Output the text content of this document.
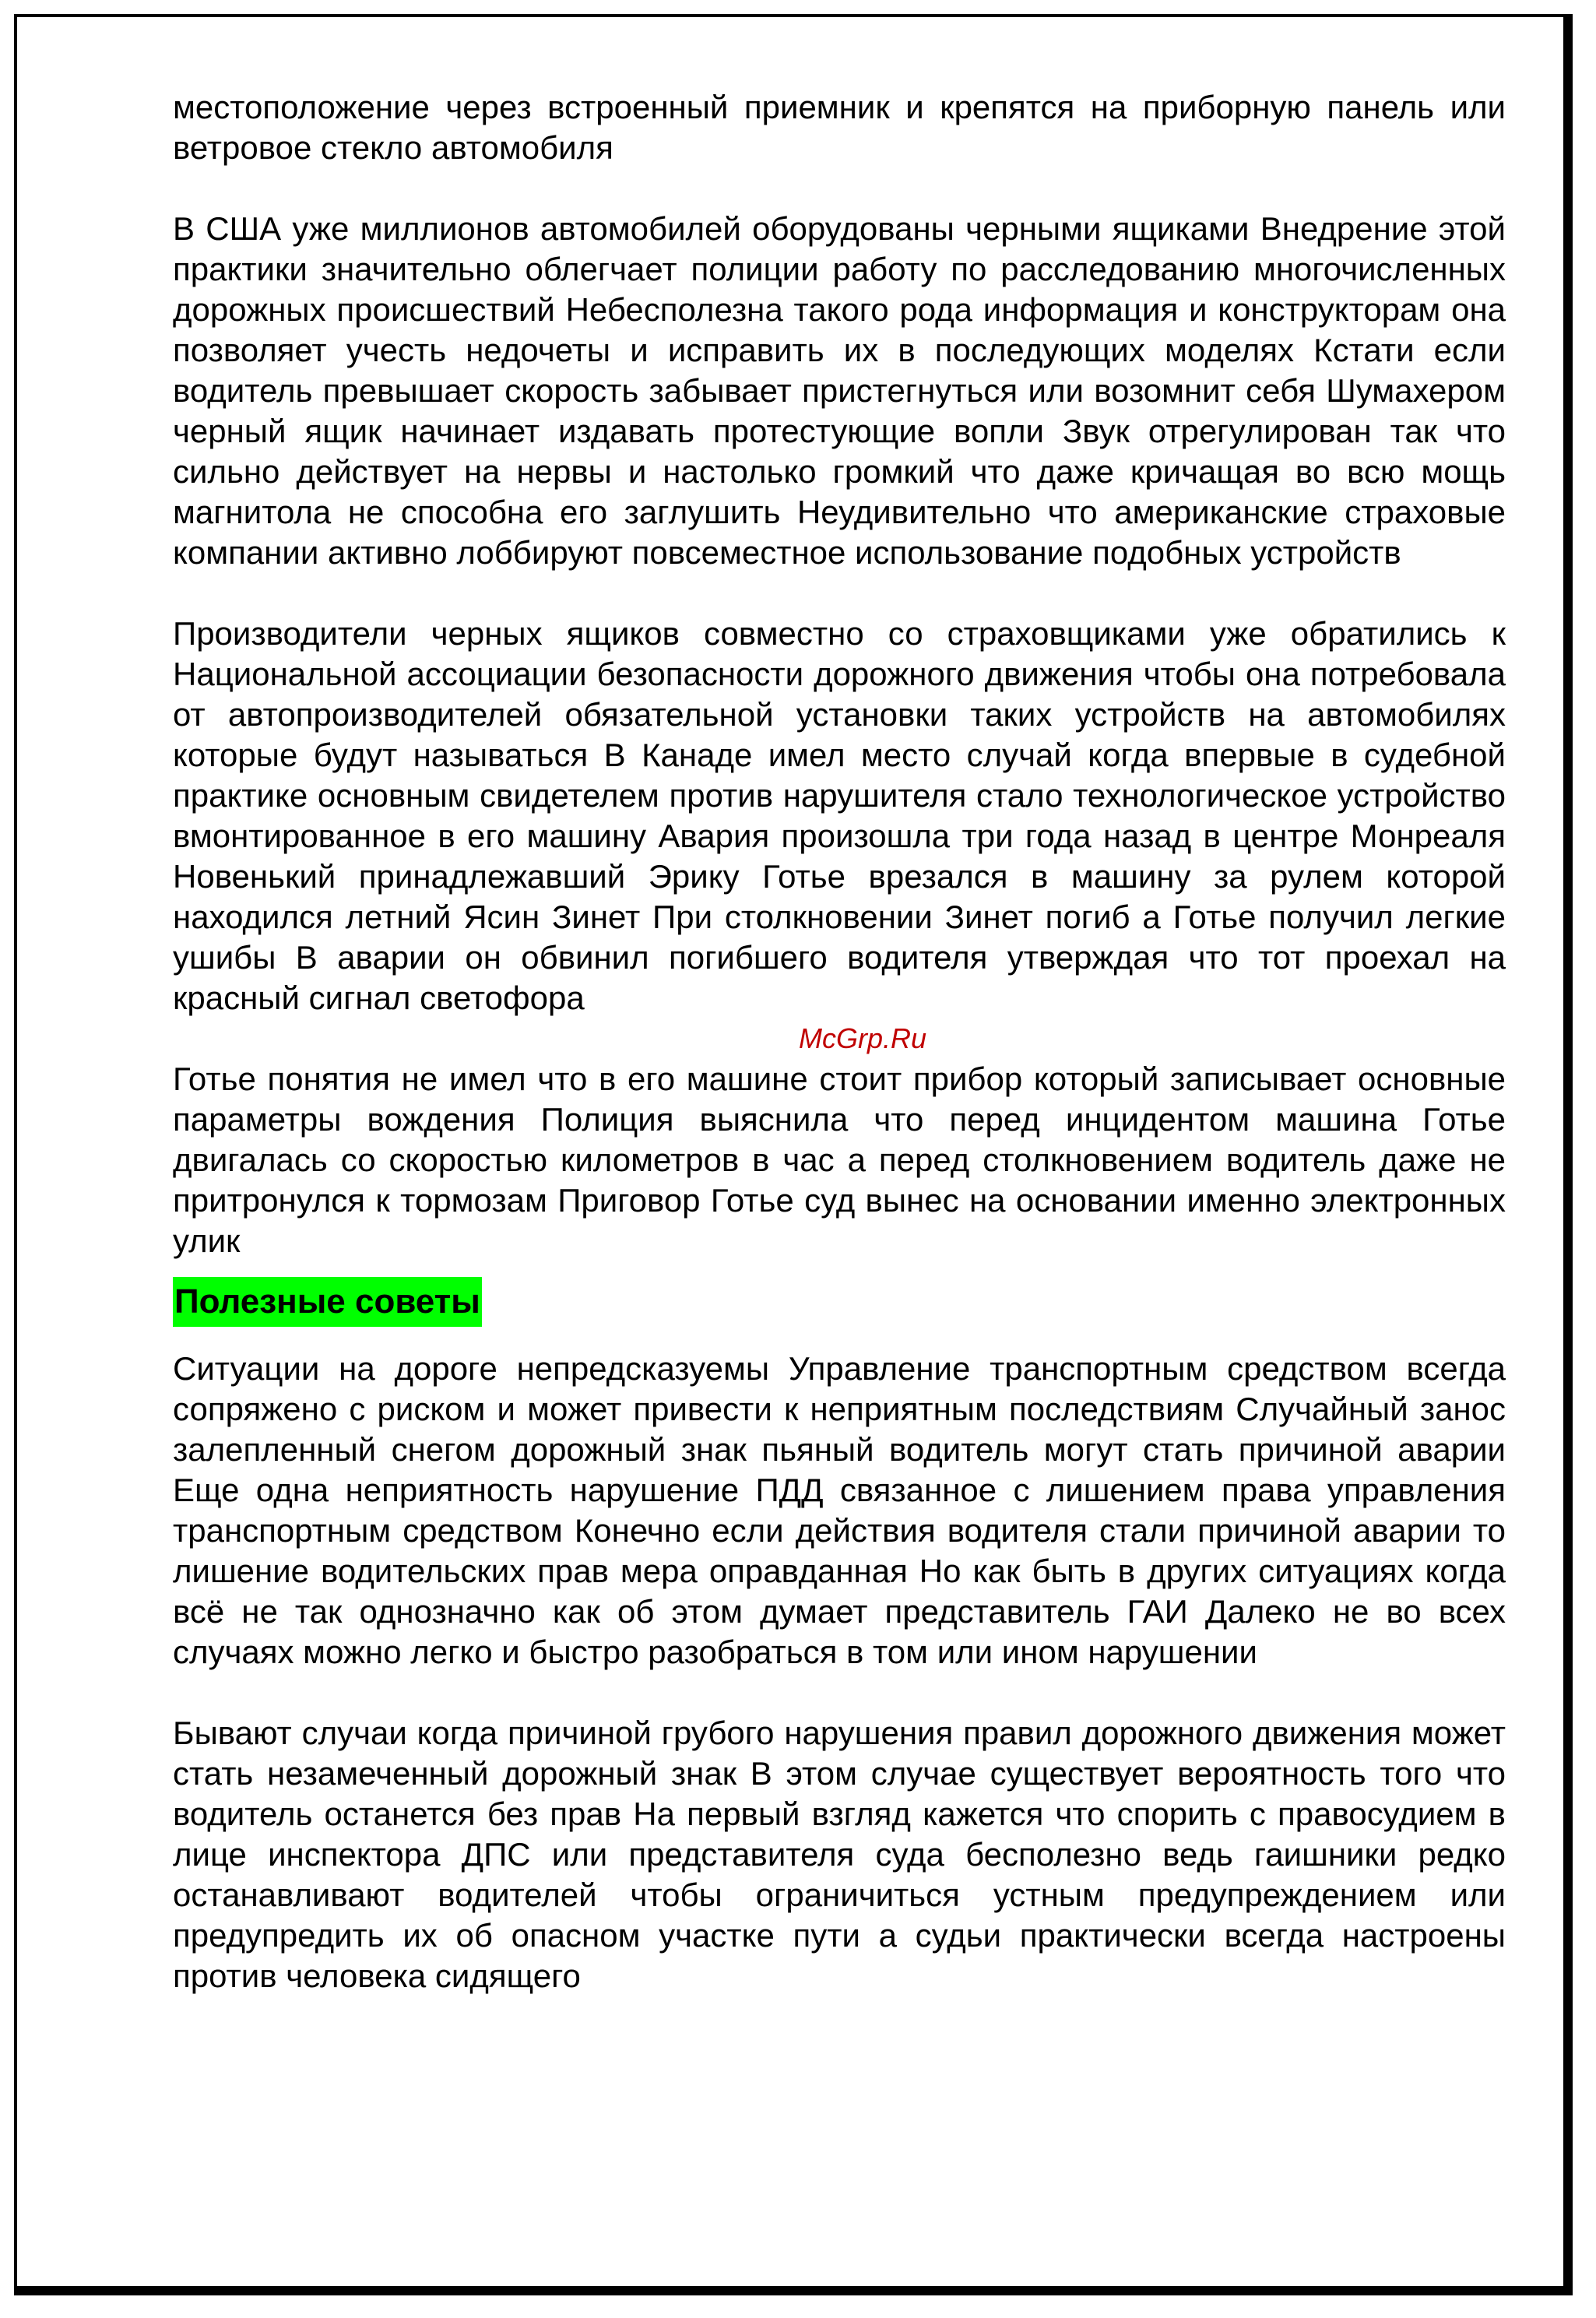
местоположение через встроенный приемник и крепятся на приборную панель или ветровое стекло автомобиля

В США уже миллионов автомобилей оборудованы черными ящиками Внедрение этой практики значительно облегчает полиции работу по расследованию многочисленных дорожных происшествий Небесполезна такого рода информация и конструкторам она позволяет учесть недочеты и исправить их в последующих моделях Кстати если водитель превышает скорость забывает пристегнуться или возомнит себя Шумахером черный ящик начинает издавать протестующие вопли Звук отрегулирован так что сильно действует на нервы и настолько громкий что даже кричащая во всю мощь магнитола не способна его заглушить Неудивительно что американские страховые компании активно лоббируют повсеместное использование подобных устройств

Производители черных ящиков совместно со страховщиками уже обратились к Национальной ассоциации безопасности дорожного движения чтобы она потребовала от автопроизводителей обязательной установки таких устройств на автомобилях которые будут называться В Канаде имел место случай когда впервые в судебной практике основным свидетелем против нарушителя стало технологическое устройство вмонтированное в его машину Авария произошла три года назад в центре Монреаля Новенький принадлежавший Эрику Готье врезался в машину за рулем которой находился летний Ясин Зинет При столкновении Зинет погиб а Готье получил легкие ушибы В аварии он обвинил погибшего водителя утверждая что тот проехал на красный сигнал светофора

McGrp.Ru

Готье понятия не имел что в его машине стоит прибор который записывает основные параметры вождения Полиция выяснила что перед инцидентом машина Готье двигалась со скоростью километров в час а перед столкновением водитель даже не притронулся к тормозам Приговор Готье суд вынес на основании именно электронных улик

Полезные советы

Ситуации на дороге непредсказуемы Управление транспортным средством всегда сопряжено с риском и может привести к неприятным последствиям Случайный занос залепленный снегом дорожный знак пьяный водитель могут стать причиной аварии Еще одна неприятность нарушение ПДД связанное с лишением права управления транспортным средством Конечно если действия водителя стали причиной аварии то лишение водительских прав мера оправданная Но как быть в других ситуациях когда всё не так однозначно как об этом думает представитель ГАИ Далеко не во всех случаях можно легко и быстро разобраться в том или ином нарушении

Бывают случаи когда причиной грубого нарушения правил дорожного движения может стать незамеченный дорожный знак В этом случае существует вероятность того что водитель останется без прав На первый взгляд кажется что спорить с правосудием в лице инспектора ДПС или представителя суда бесполезно ведь гаишники редко останавливают водителей чтобы ограничиться устным предупреждением или предупредить их об опасном участке пути а судьи практически всегда настроены против человека сидящего
